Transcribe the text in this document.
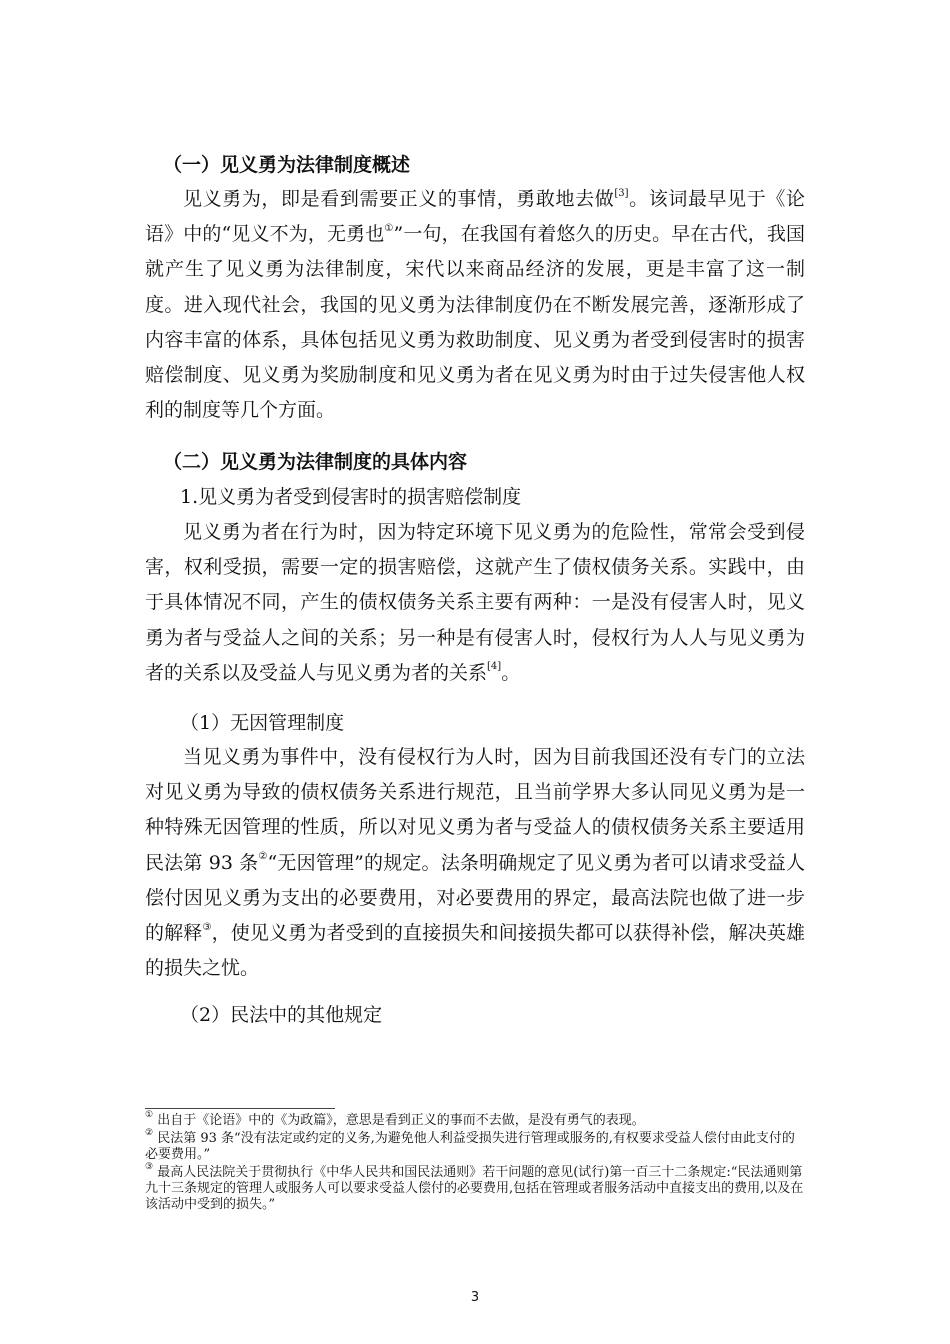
（一）见义勇为法律制度概述

见义勇为，即是看到需要正义的事情，勇敢地去做[3]。该词最早见于《论语》中的“见义不为，无勇也①”一句，在我国有着悠久的历史。早在古代，我国就产生了见义勇为法律制度，宋代以来商品经济的发展，更是丰富了这一制度。进入现代社会，我国的见义勇为法律制度仍在不断发展完善，逐渐形成了内容丰富的体系，具体包括见义勇为救助制度、见义勇为者受到侵害时的损害赔偿制度、见义勇为奖励制度和见义勇为者在见义勇为时由于过失侵害他人权利的制度等几个方面。

（二）见义勇为法律制度的具体内容

1.见义勇为者受到侵害时的损害赔偿制度

见义勇为者在行为时，因为特定环境下见义勇为的危险性，常常会受到侵害，权利受损，需要一定的损害赔偿，这就产生了债权债务关系。实践中，由于具体情况不同，产生的债权债务关系主要有两种：一是没有侵害人时，见义勇为者与受益人之间的关系；另一种是有侵害人时，侵权行为人人与见义勇为者的关系以及受益人与见义勇为者的关系[4]。

（1）无因管理制度

当见义勇为事件中，没有侵权行为人时，因为目前我国还没有专门的立法对见义勇为导致的债权债务关系进行规范，且当前学界大多认同见义勇为是一种特殊无因管理的性质，所以对见义勇为者与受益人的债权债务关系主要适用民法第 93 条②“无因管理”的规定。法条明确规定了见义勇为者可以请求受益人偿付因见义勇为支出的必要费用，对必要费用的界定，最高法院也做了进一步的解释③，使见义勇为者受到的直接损失和间接损失都可以获得补偿，解决英雄的损失之忧。

（2）民法中的其他规定

① 出自于《论语》中的《为政篇》，意思是看到正义的事而不去做，是没有勇气的表现。

② 民法第 93 条“没有法定或约定的义务,为避免他人利益受损失进行管理或服务的,有权要求受益人偿付由此支付的必要费用。”

③ 最高人民法院关于贯彻执行《中华人民共和国民法通则》若干问题的意见(试行)第一百三十二条规定:“民法通则第九十三条规定的管理人或服务人可以要求受益人偿付的必要费用,包括在管理或者服务活动中直接支出的费用,以及在该活动中受到的损失。”

3
